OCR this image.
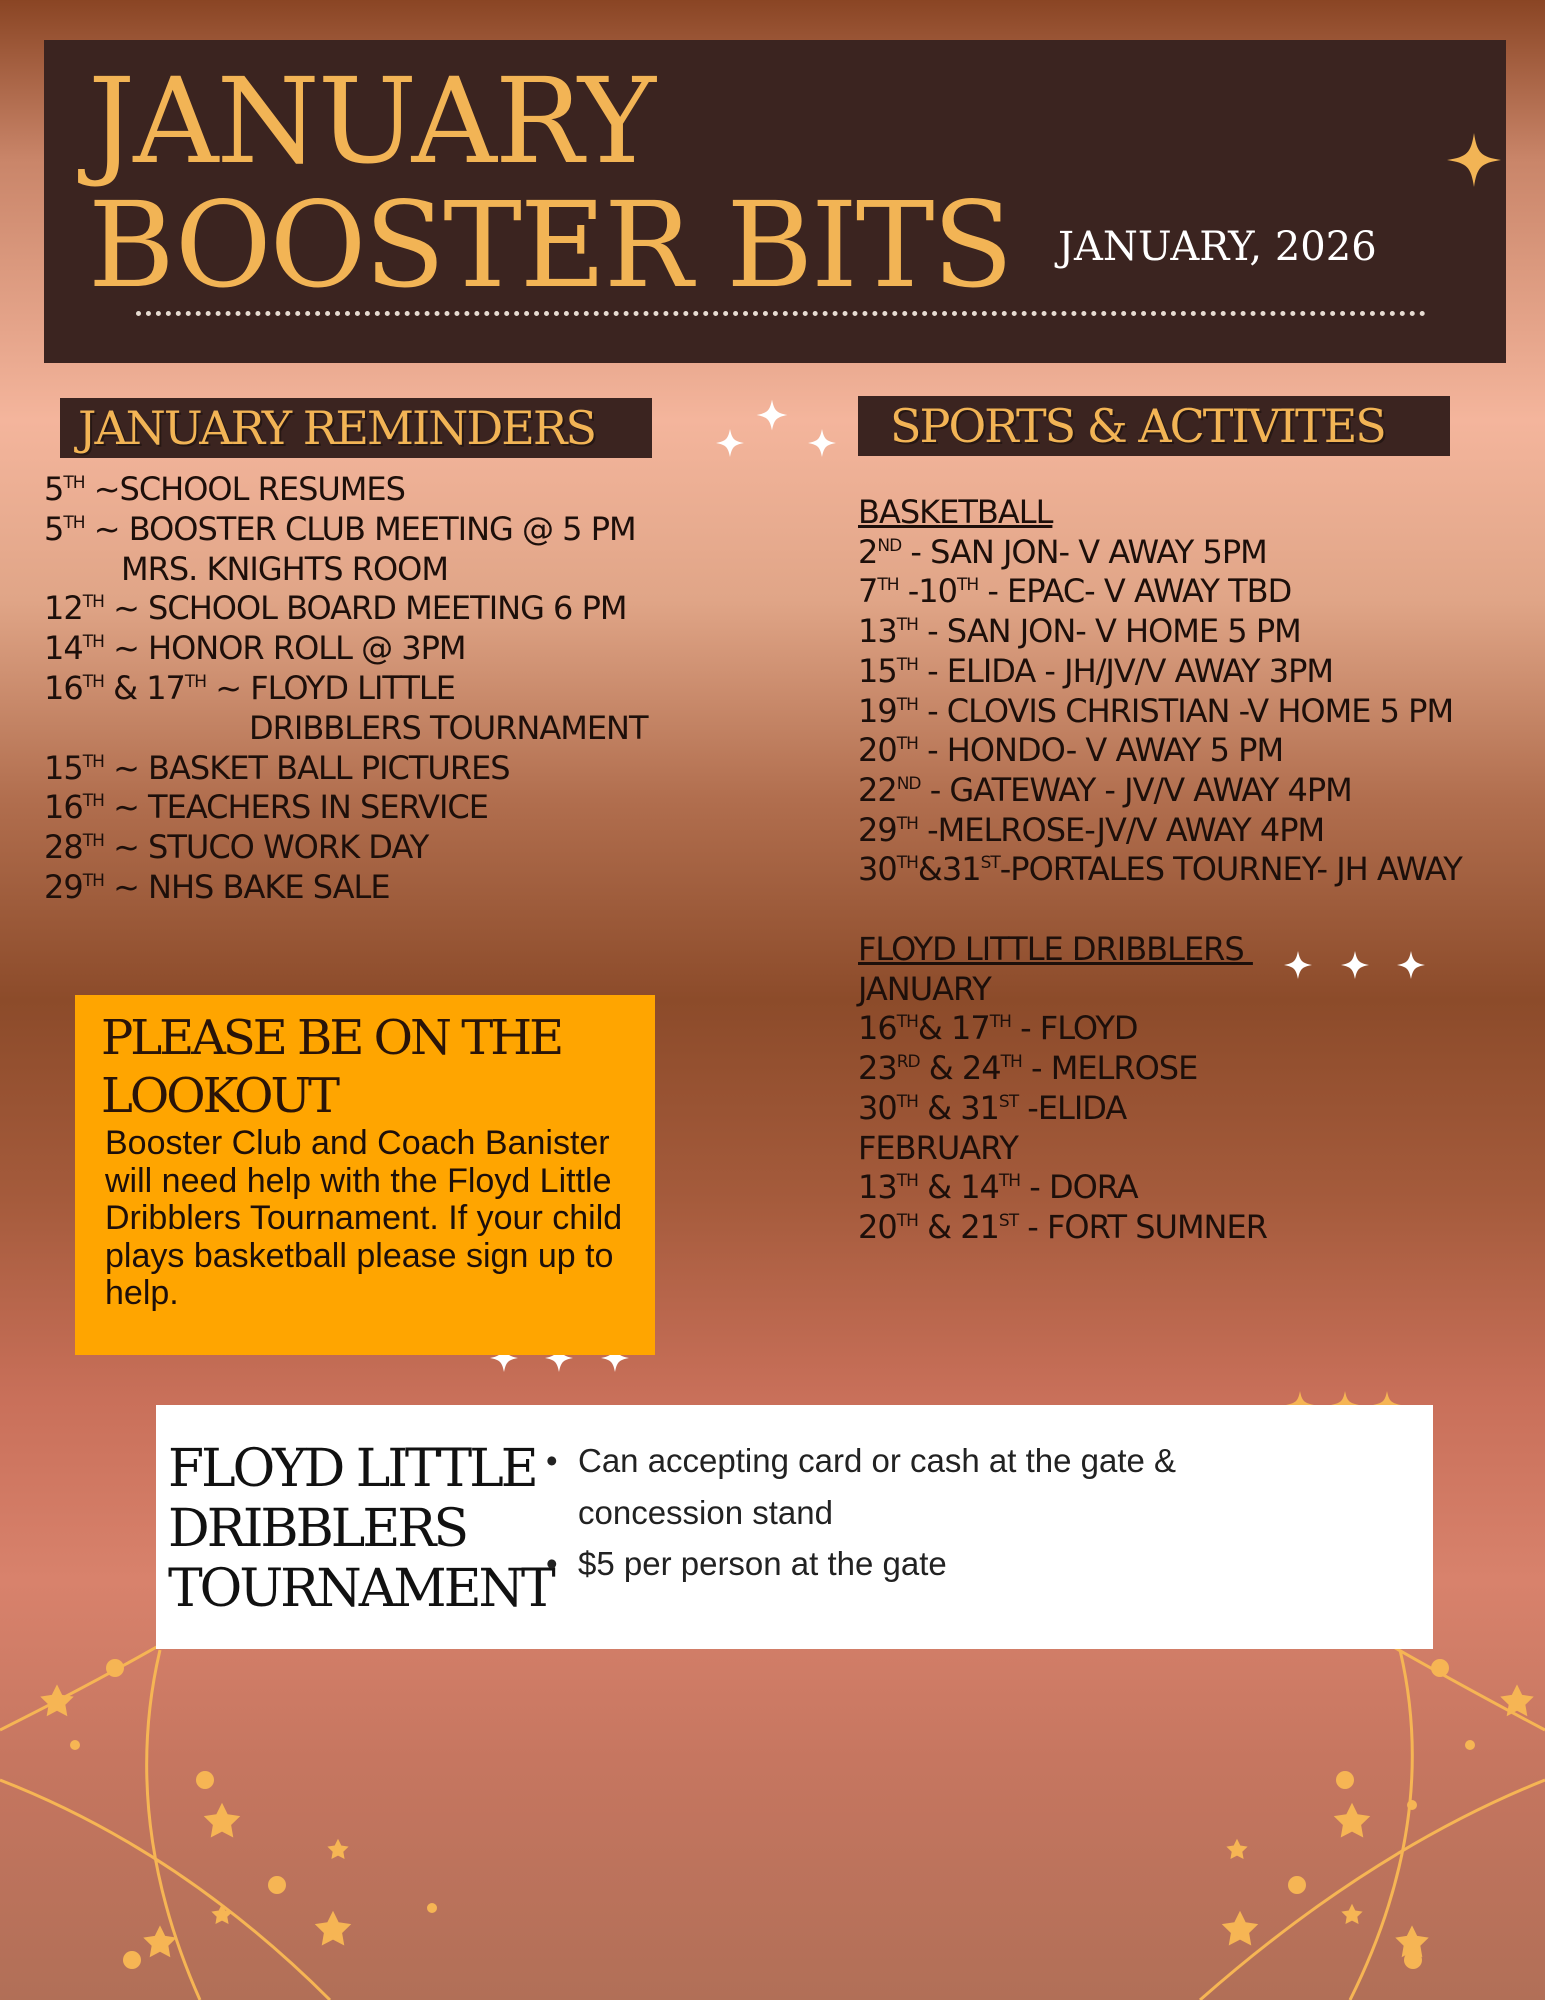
JANUARY
BOOSTER BITS JANUARY, 2026
JANUARY REMINDERS
5TH ~SCHOOL RESUMES
5TH ~ BOOSTER CLUB MEETING @ 5 PM
MRS. KNIGHTS ROOM
12TH ~ SCHOOL BOARD MEETING 6 PM
14TH ~ HONOR ROLL @ 3PM
16TH & 17TH ~ FLOYD LITTLE
DRIBBLERS TOURNAMENT
15TH ~ BASKET BALL PICTURES
16TH ~ TEACHERS IN SERVICE
28TH ~ STUCO WORK DAY
29TH ~ NHS BAKE SALE
SPORTS & ACTIVITES
BASKETBALL
2ND - SAN JON- V AWAY 5PM
7TH -10TH - EPAC- V AWAY TBD
13TH - SAN JON- V HOME 5 PM
15TH - ELIDA - JH/JV/V AWAY 3PM
19TH - CLOVIS CHRISTIAN -V HOME 5 PM
20TH - HONDO- V AWAY 5 PM
22ND - GATEWAY - JV/V AWAY 4PM
29TH -MELROSE-JV/V AWAY 4PM
30TH&31ST-PORTALES TOURNEY- JH AWAY
FLOYD LITTLE DRIBBLERS
JANUARY
16TH& 17TH - FLOYD
23RD & 24TH - MELROSE
30TH & 31ST -ELIDA
FEBRUARY
13TH & 14TH - DORA
20TH & 21ST - FORT SUMNER
PLEASE BE ON THE
LOOKOUT

Booster Club and Coach Banister will need help with the Floyd Little Dribblers Tournament. If your child plays basketball please sign up to help.

FLOYD LITTLE
DRIBBLERS
TOURNAMENT
• Can accepting card or cash at the gate & concession stand
• $5 per person at the gate
